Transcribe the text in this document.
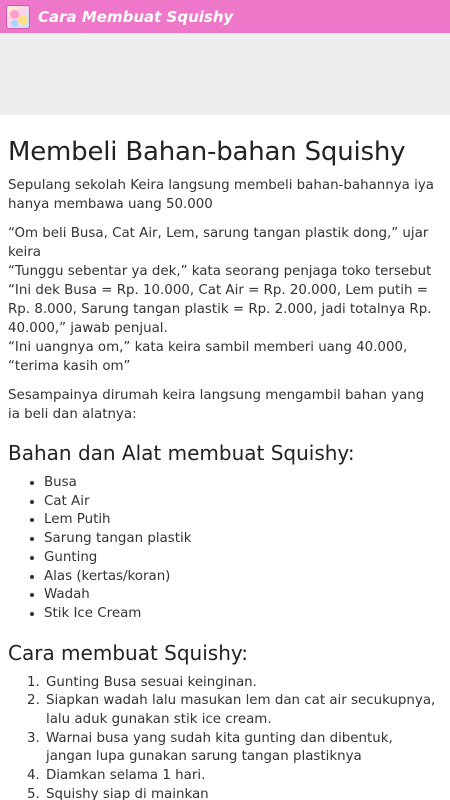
Cara Membuat Squishy
Membeli Bahan-bahan Squishy

Sepulang sekolah Keira langsung membeli bahan-bahannya iya hanya membawa uang 50.000

“Om beli Busa, Cat Air, Lem, sarung tangan plastik dong,” ujar keira

“Tunggu sebentar ya dek,” kata seorang penjaga toko tersebut

“Ini dek Busa = Rp. 10.000, Cat Air = Rp. 20.000, Lem putih = Rp. 8.000, Sarung tangan plastik = Rp. 2.000, jadi totalnya Rp. 40.000,” jawab penjual.

“Ini uangnya om,” kata keira sambil memberi uang 40.000, “terima kasih om”

Sesampainya dirumah keira langsung mengambil bahan yang ia beli dan alatnya:

Bahan dan Alat membuat Squishy:
• Busa
• Cat Air
• Lem Putih
• Sarung tangan plastik
• Gunting
• Alas (kertas/koran)
• Wadah
• Stik Ice Cream
Cara membuat Squishy:
1. Gunting Busa sesuai keinginan.
2. Siapkan wadah lalu masukan lem dan cat air secukupnya, lalu aduk gunakan stik ice cream.
3. Warnai busa yang sudah kita gunting dan dibentuk, jangan lupa gunakan sarung tangan plastiknya
4. Diamkan selama 1 hari.
5. Squishy siap di mainkan
